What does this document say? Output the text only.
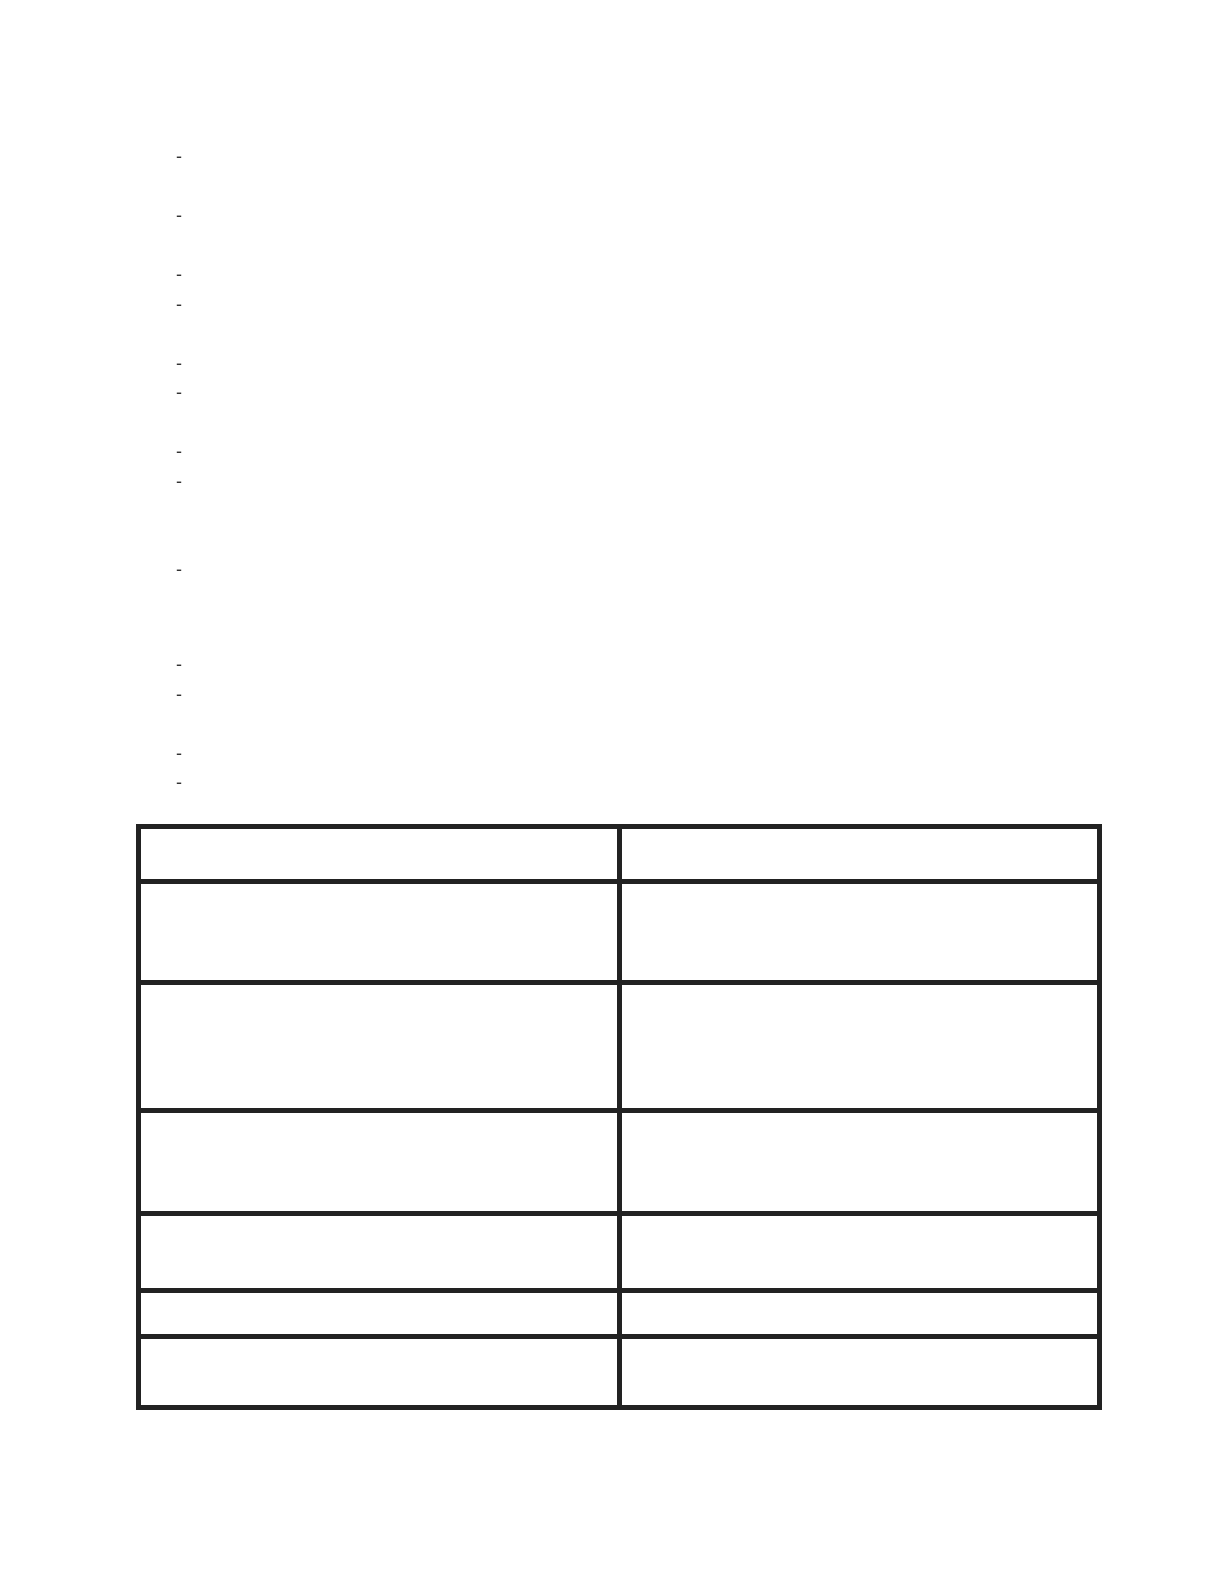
-
-
-
-
-
-
-
-
-
-
-
-
-
